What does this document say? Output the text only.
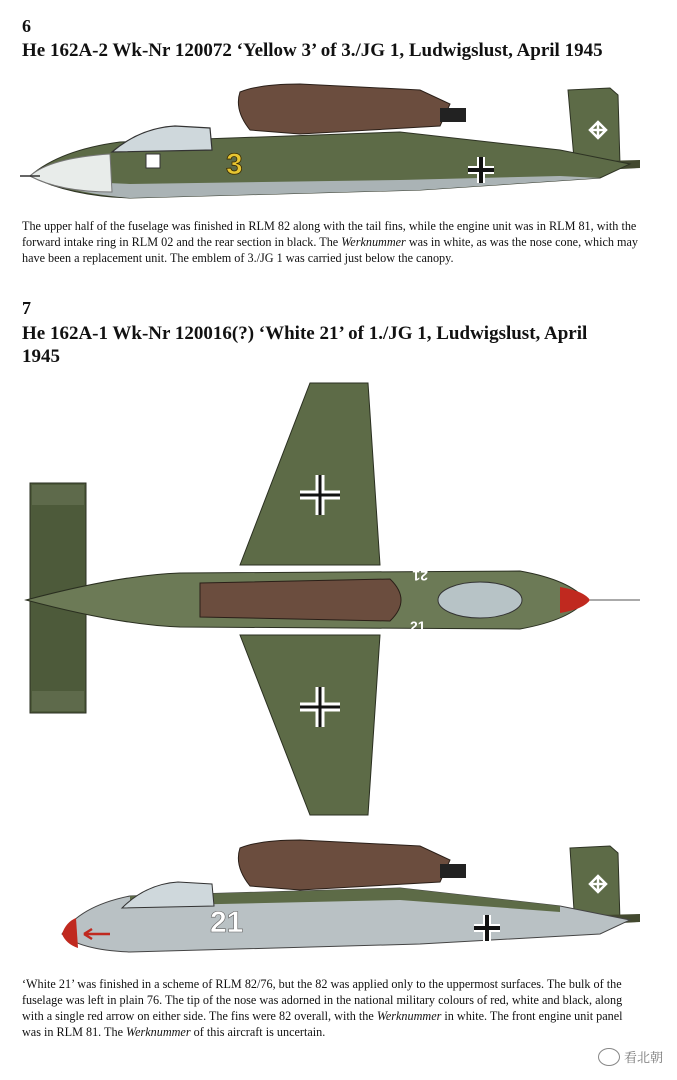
6
He 162A-2 Wk-Nr 120072 ‘Yellow 3’ of 3./JG 1, Ludwigslust, April 1945
3
The upper half of the fuselage was finished in RLM 82 along with the tail fins, while the engine unit was in RLM 81, with the forward intake ring in RLM 02 and the rear section in black. The Werknummer was in white, as was the nose cone, which may have been a replacement unit. The emblem of 3./JG 1 was carried just below the canopy.
7
He 162A-1 Wk-Nr 120016(?) ‘White 21’ of 1./JG 1, Ludwigslust, April 1945
21
21
21
‘White 21’ was finished in a scheme of RLM 82/76, but the 82 was applied only to the uppermost surfaces. The bulk of the fuselage was left in plain 76. The tip of the nose was adorned in the national military colours of red, white and black, along with a single red arrow on either side. The fins were 82 overall, with the Werknummer in white. The front engine unit panel was in RLM 81. The Werknummer of this aircraft is uncertain.
看北朝
